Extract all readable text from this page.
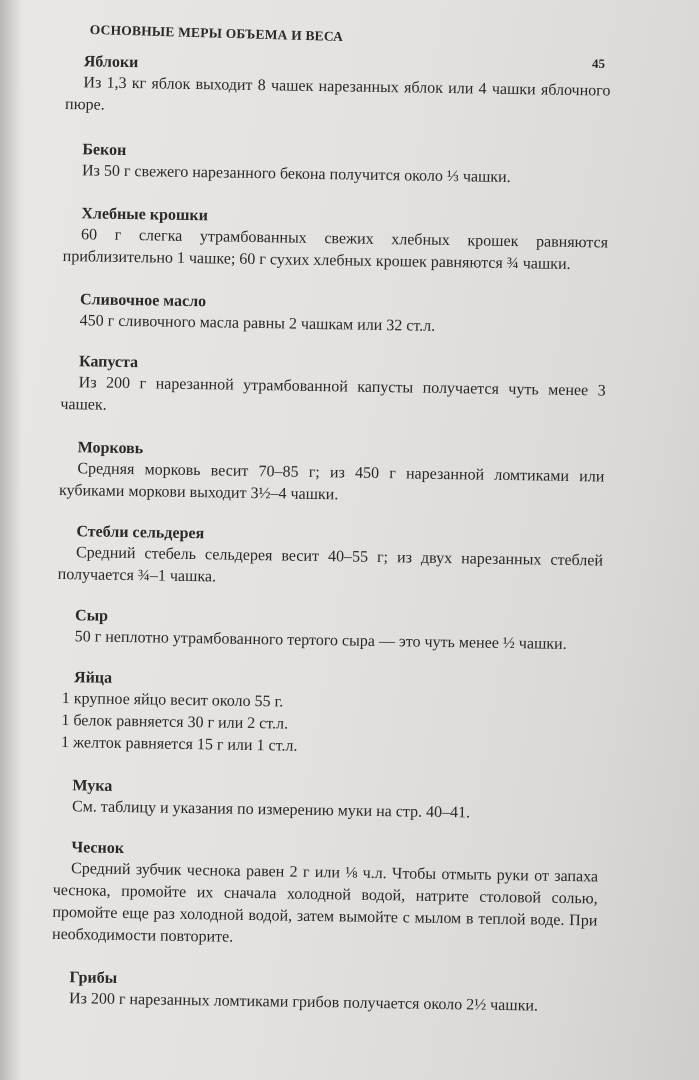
ОСНОВНЫЕ МЕРЫ ОБЪЕМА И ВЕСА
45
Яблоки
Из 1,3 кг яблок выходит 8 чашек нарезанных яблок или 4 чашки яблочного пюре.
Бекон
Из 50 г свежего нарезанного бекона получится около ⅓ чашки.
Хлебные крошки
60 г слегка утрамбованных свежих хлебных крошек равняются приблизительно 1 чашке; 60 г сухих хлебных крошек равняются ¾ чашки.
Сливочное масло
450 г сливочного масла равны 2 чашкам или 32 ст.л.
Капуста
Из 200 г нарезанной утрамбованной капусты получается чуть менее 3 чашек.
Морковь
Средняя морковь весит 70–85 г; из 450 г нарезанной ломтиками или кубиками моркови выходит 3½–4 чашки.
Стебли сельдерея
Средний стебель сельдерея весит 40–55 г; из двух нарезанных стеблей получается ¾–1 чашка.
Сыр
50 г неплотно утрамбованного тертого сыра — это чуть менее ½ чашки.
Яйца
1 крупное яйцо весит около 55 г.
1 белок равняется 30 г или 2 ст.л.
1 желток равняется 15 г или 1 ст.л.
Мука
См. таблицу и указания по измерению муки на стр. 40–41.
Чеснок
Средний зубчик чеснока равен 2 г или ⅛ ч.л. Чтобы отмыть руки от запаха чеснока, промойте их сначала холодной водой, натрите столовой солью, промойте еще раз холодной водой, затем вымойте с мылом в теплой воде. При необходимости повторите.
Грибы
Из 200 г нарезанных ломтиками грибов получается около 2½ чашки.
